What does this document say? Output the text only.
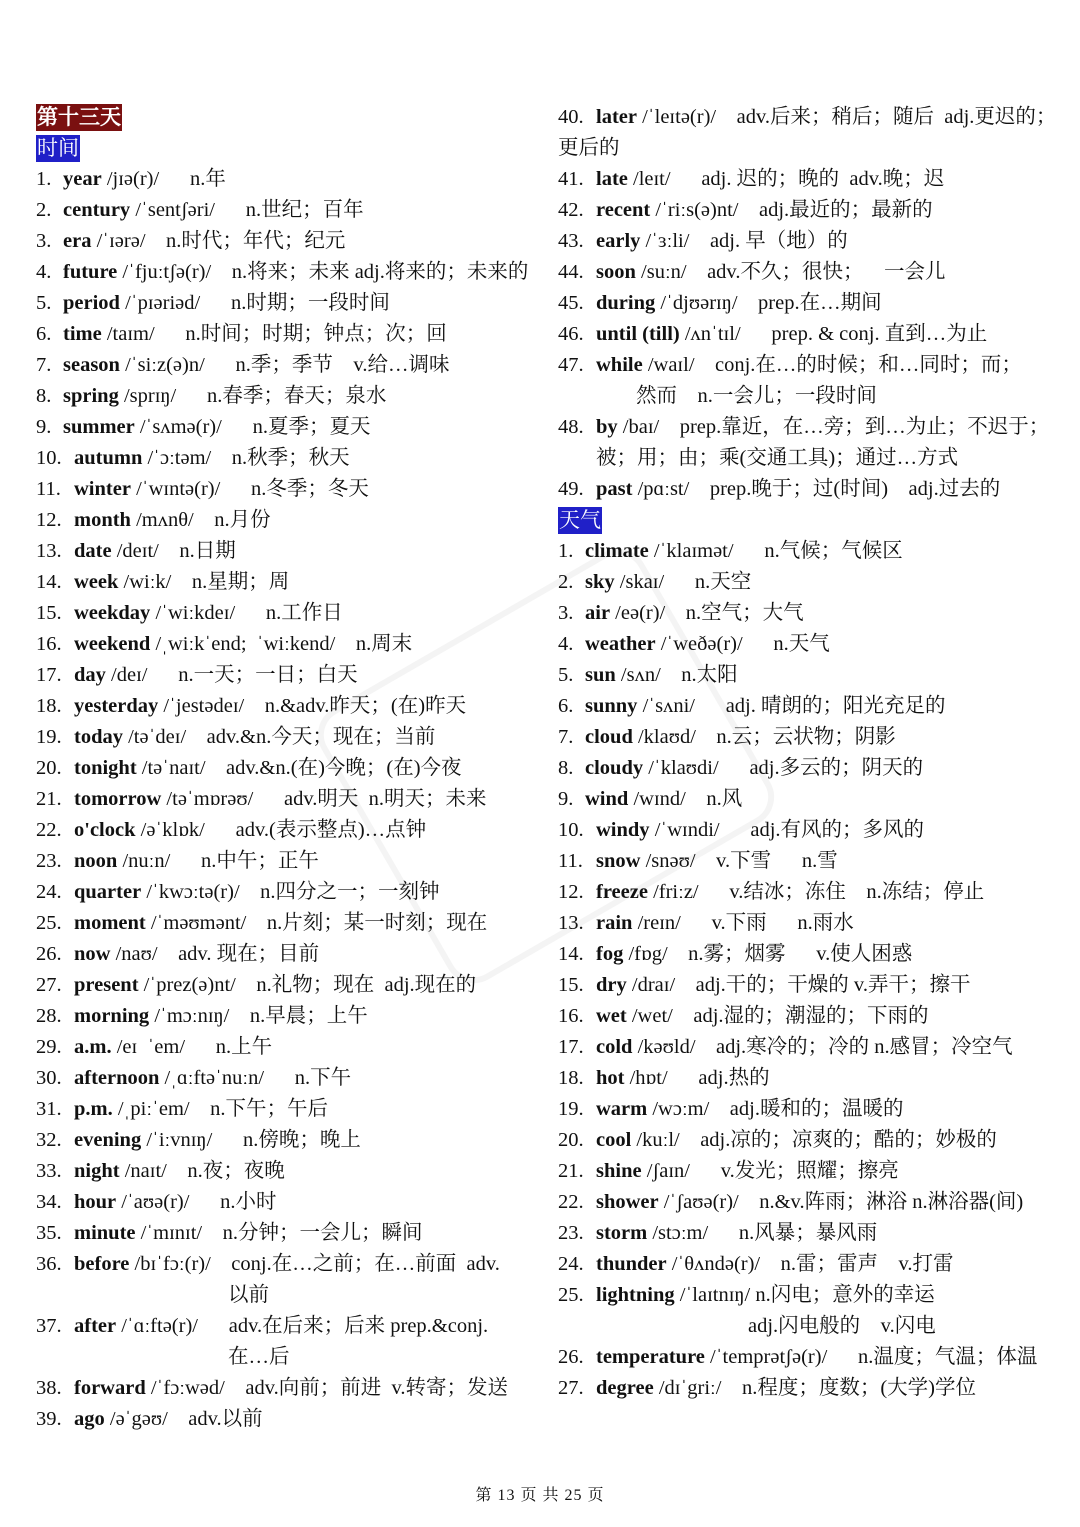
第十三天
时间
1.year /jɪə(r)/      n.年
2.century /ˈsentʃəri/      n.世纪；百年
3.era /ˈɪərə/    n.时代；年代；纪元
4.future /ˈfjuːtʃə(r)/    n.将来；未来 adj.将来的；未来的
5.period /ˈpɪəriəd/      n.时期；一段时间
6.time /taɪm/      n.时间；时期；钟点；次；回
7.season /ˈsiːz(ə)n/      n.季；季节    v.给…调味
8.spring /sprɪŋ/      n.春季；春天；泉水
9.summer /ˈsʌmə(r)/      n.夏季；夏天
10.autumn /ˈɔːtəm/    n.秋季；秋天
11.winter /ˈwɪntə(r)/      n.冬季；冬天
12.month /mʌnθ/    n.月份
13.date /deɪt/    n.日期
14.week /wiːk/    n.星期；周
15.weekday /ˈwiːkdeɪ/      n.工作日
16.weekend /ˌwiːkˈend;  ˈwiːkend/    n.周末
17.day /deɪ/      n.一天；一日；白天
18.yesterday /ˈjestədeɪ/    n.&adv.昨天；(在)昨天
19.today /təˈdeɪ/    adv.&n.今天；现在；当前
20.tonight /təˈnaɪt/    adv.&n.(在)今晚；(在)今夜
21.tomorrow /təˈmɒrəʊ/      adv.明天  n.明天；未来
22.o'clock /əˈklɒk/      adv.(表示整点)…点钟
23.noon /nuːn/      n.中午；正午
24.quarter /ˈkwɔːtə(r)/    n.四分之一；一刻钟
25.moment /ˈməʊmənt/    n.片刻；某一时刻；现在
26.now /naʊ/    adv. 现在；目前
27.present /ˈprez(ə)nt/    n.礼物；现在  adj.现在的
28.morning /ˈmɔːnɪŋ/    n.早晨；上午
29.a.m. /eɪ  ˈem/      n.上午
30.afternoon /ˌɑːftəˈnuːn/      n.下午
31.p.m. /ˌpiːˈem/    n.下午；午后
32.evening /ˈiːvnɪŋ/      n.傍晚；晚上
33.night /naɪt/    n.夜；夜晚
34.hour /ˈaʊə(r)/      n.小时
35.minute /ˈmɪnɪt/    n.分钟；一会儿；瞬间
36.before /bɪˈfɔː(r)/    conj.在…之前；在…前面  adv.
以前
37.after /ˈɑːftə(r)/      adv.在后来；后来 prep.&conj.
在…后
38.forward /ˈfɔːwəd/    adv.向前；前进  v.转寄；发送
39.ago /əˈgəʊ/    adv.以前
40.later /ˈleɪtə(r)/    adv.后来；稍后；随后  adj.更迟的；
更后的
41.late /leɪt/      adj. 迟的；晚的  adv.晚；迟
42.recent /ˈriːs(ə)nt/    adj.最近的；最新的
43.early /ˈɜːli/    adj. 早（地）的
44.soon /suːn/    adv.不久；很快；    一会儿
45.during /ˈdjʊərɪŋ/    prep.在…期间
46.until (till) /ʌnˈtɪl/      prep. & conj. 直到…为止
47.while /waɪl/    conj.在…的时候；和…同时；而；
然而    n.一会儿；一段时间
48.by /baɪ/    prep.靠近，在…旁；到…为止；不迟于；
被；用；由；乘(交通工具)；通过…方式
49.past /pɑːst/    prep.晚于；过(时间)    adj.过去的
天气
1.climate /ˈklaɪmət/      n.气候；气候区
2.sky /skaɪ/      n.天空
3.air /eə(r)/    n.空气；大气
4.weather /ˈweðə(r)/      n.天气
5.sun /sʌn/    n.太阳
6.sunny /ˈsʌni/      adj. 晴朗的；阳光充足的
7.cloud /klaʊd/    n.云；云状物；阴影
8.cloudy /ˈklaʊdi/      adj.多云的；阴天的
9.wind /wɪnd/    n.风
10.windy /ˈwɪndi/      adj.有风的；多风的
11.snow /snəʊ/    v.下雪      n.雪
12.freeze /friːz/      v.结冰；冻住    n.冻结；停止
13.rain /reɪn/      v.下雨      n.雨水
14.fog /fɒg/    n.雾；烟雾      v.使人困惑
15.dry /draɪ/    adj.干的；干燥的 v.弄干；擦干
16.wet /wet/    adj.湿的；潮湿的；下雨的
17.cold /kəʊld/    adj.寒冷的；冷的 n.感冒；冷空气
18.hot /hɒt/      adj.热的
19.warm /wɔːm/    adj.暖和的；温暖的
20.cool /kuːl/    adj.凉的；凉爽的；酷的；妙极的
21.shine /ʃaɪn/      v.发光；照耀；擦亮
22.shower /ˈʃaʊə(r)/    n.&v.阵雨；淋浴 n.淋浴器(间)
23.storm /stɔːm/      n.风暴；暴风雨
24.thunder /ˈθʌndə(r)/    n.雷；雷声    v.打雷
25.lightning /ˈlaɪtnɪŋ/ n.闪电；意外的幸运
adj.闪电般的    v.闪电
26.temperature /ˈtemprətʃə(r)/      n.温度；气温；体温
27.degree /dɪˈgriː/    n.程度；度数；(大学)学位
第 13 页 共 25 页
